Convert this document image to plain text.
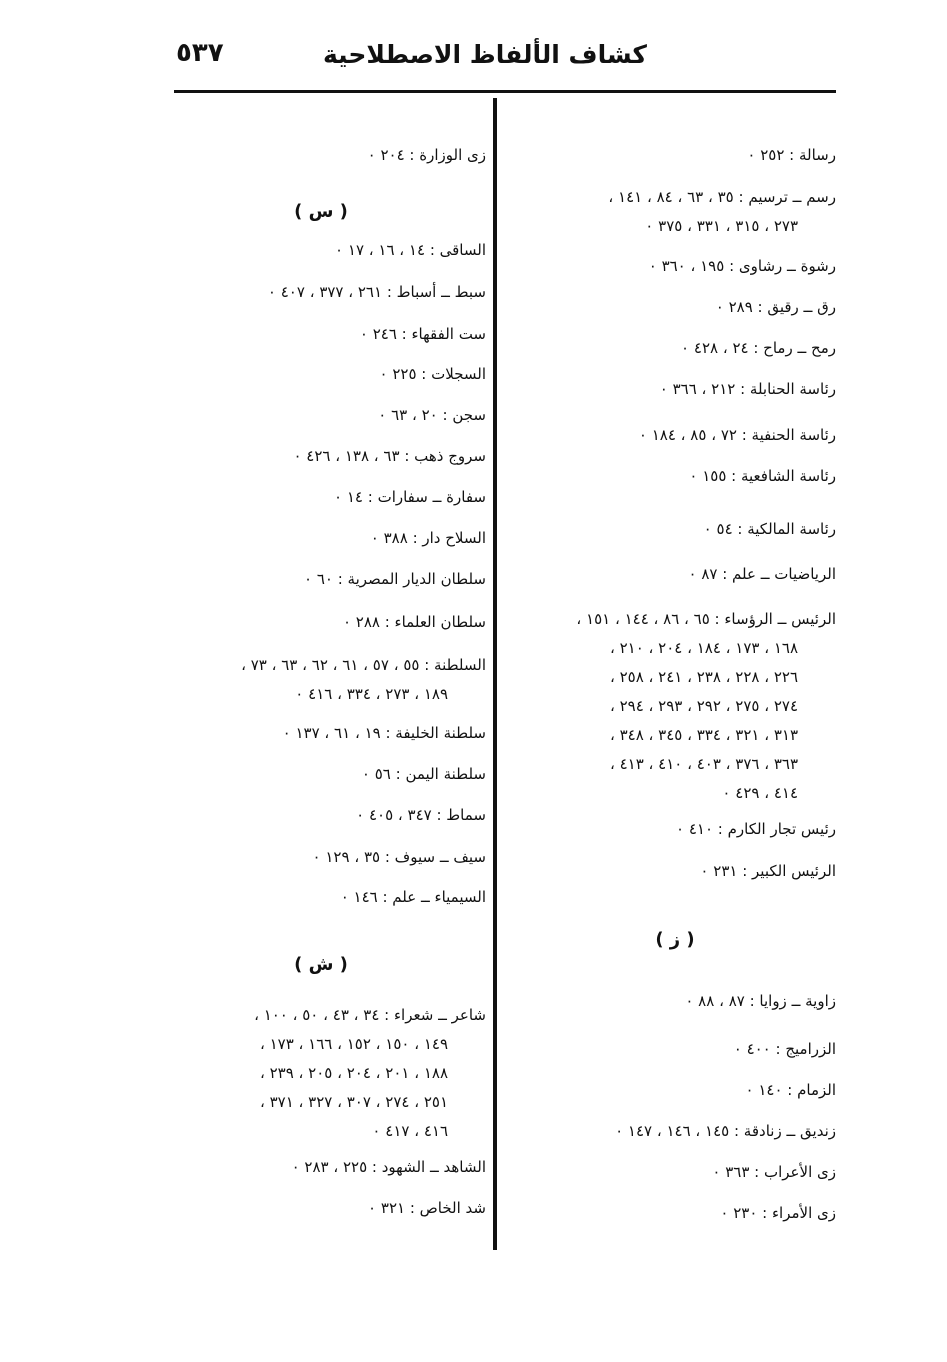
كشاف الألفاظ الاصطلاحية
٥٣٧
رسالة : ٢٥٢ ٠
رسم ــ ترسيم : ٣٥ ، ٦٣ ، ٨٤ ، ١٤١ ،
٢٧٣ ، ٣١٥ ، ٣٣١ ، ٣٧٥ ٠
رشوة ــ رشاوى : ١٩٥ ، ٣٦٠ ٠
رق ــ رقيق : ٢٨٩ ٠
رمح ــ رماح : ٢٤ ، ٤٢٨ ٠
رئاسة الحنابلة : ٢١٢ ، ٣٦٦ ٠
رئاسة الحنفية : ٧٢ ، ٨٥ ، ١٨٤ ٠
رئاسة الشافعية : ١٥٥ ٠
رئاسة المالكية : ٥٤ ٠
الرياضيات ــ علم : ٨٧ ٠
الرئيس ــ الرؤساء : ٦٥ ، ٨٦ ، ١٤٤ ، ١٥١ ،
١٦٨ ، ١٧٣ ، ١٨٤ ، ٢٠٤ ، ٢١٠ ،
٢٢٦ ، ٢٢٨ ، ٢٣٨ ، ٢٤١ ، ٢٥٨ ،
٢٧٤ ، ٢٧٥ ، ٢٩٢ ، ٢٩٣ ، ٢٩٤ ،
٣١٣ ، ٣٢١ ، ٣٣٤ ، ٣٤٥ ، ٣٤٨ ،
٣٦٣ ، ٣٧٦ ، ٤٠٣ ، ٤١٠ ، ٤١٣ ،
٤١٤ ، ٤٢٩ ٠
رئيس تجار الكارم : ٤١٠ ٠
الرئيس الكبير : ٢٣١ ٠
( ز )
زاوية ــ زوايا : ٨٧ ، ٨٨ ٠
الزراميج : ٤٠٠ ٠
الزمام : ١٤٠ ٠
زنديق ــ زنادقة : ١٤٥ ، ١٤٦ ، ١٤٧ ٠
زى الأعراب : ٣٦٣ ٠
زى الأمراء : ٢٣٠ ٠
زى الوزارة : ٢٠٤ ٠
( س )
الساقى : ١٤ ، ١٦ ، ١٧ ٠
سبط ــ أسباط : ٢٦١ ، ٣٧٧ ، ٤٠٧ ٠
ست الفقهاء : ٢٤٦ ٠
السجلات : ٢٢٥ ٠
سجن : ٢٠ ، ٦٣ ٠
سروج ذهب : ٦٣ ، ١٣٨ ، ٤٢٦ ٠
سفارة ــ سفارات : ١٤ ٠
السلاح دار : ٣٨٨ ٠
سلطان الديار المصرية : ٦٠ ٠
سلطان العلماء : ٢٨٨ ٠
السلطنة : ٥٥ ، ٥٧ ، ٦١ ، ٦٢ ، ٦٣ ، ٧٣ ،
١٨٩ ، ٢٧٣ ، ٣٣٤ ، ٤١٦ ٠
سلطنة الخليفة : ١٩ ، ٦١ ، ١٣٧ ٠
سلطنة اليمن : ٥٦ ٠
سماط : ٣٤٧ ، ٤٠٥ ٠
سيف ــ سيوف : ٣٥ ، ١٢٩ ٠
السيمياء ــ علم : ١٤٦ ٠
( ش )
شاعر ــ شعراء : ٣٤ ، ٤٣ ، ٥٠ ، ١٠٠ ،
١٤٩ ، ١٥٠ ، ١٥٢ ، ١٦٦ ، ١٧٣ ،
١٨٨ ، ٢٠١ ، ٢٠٤ ، ٢٠٥ ، ٢٣٩ ،
٢٥١ ، ٢٧٤ ، ٣٠٧ ، ٣٢٧ ، ٣٧١ ،
٤١٦ ، ٤١٧ ٠
الشاهد ــ الشهود : ٢٢٥ ، ٢٨٣ ٠
شد الخاص : ٣٢١ ٠
